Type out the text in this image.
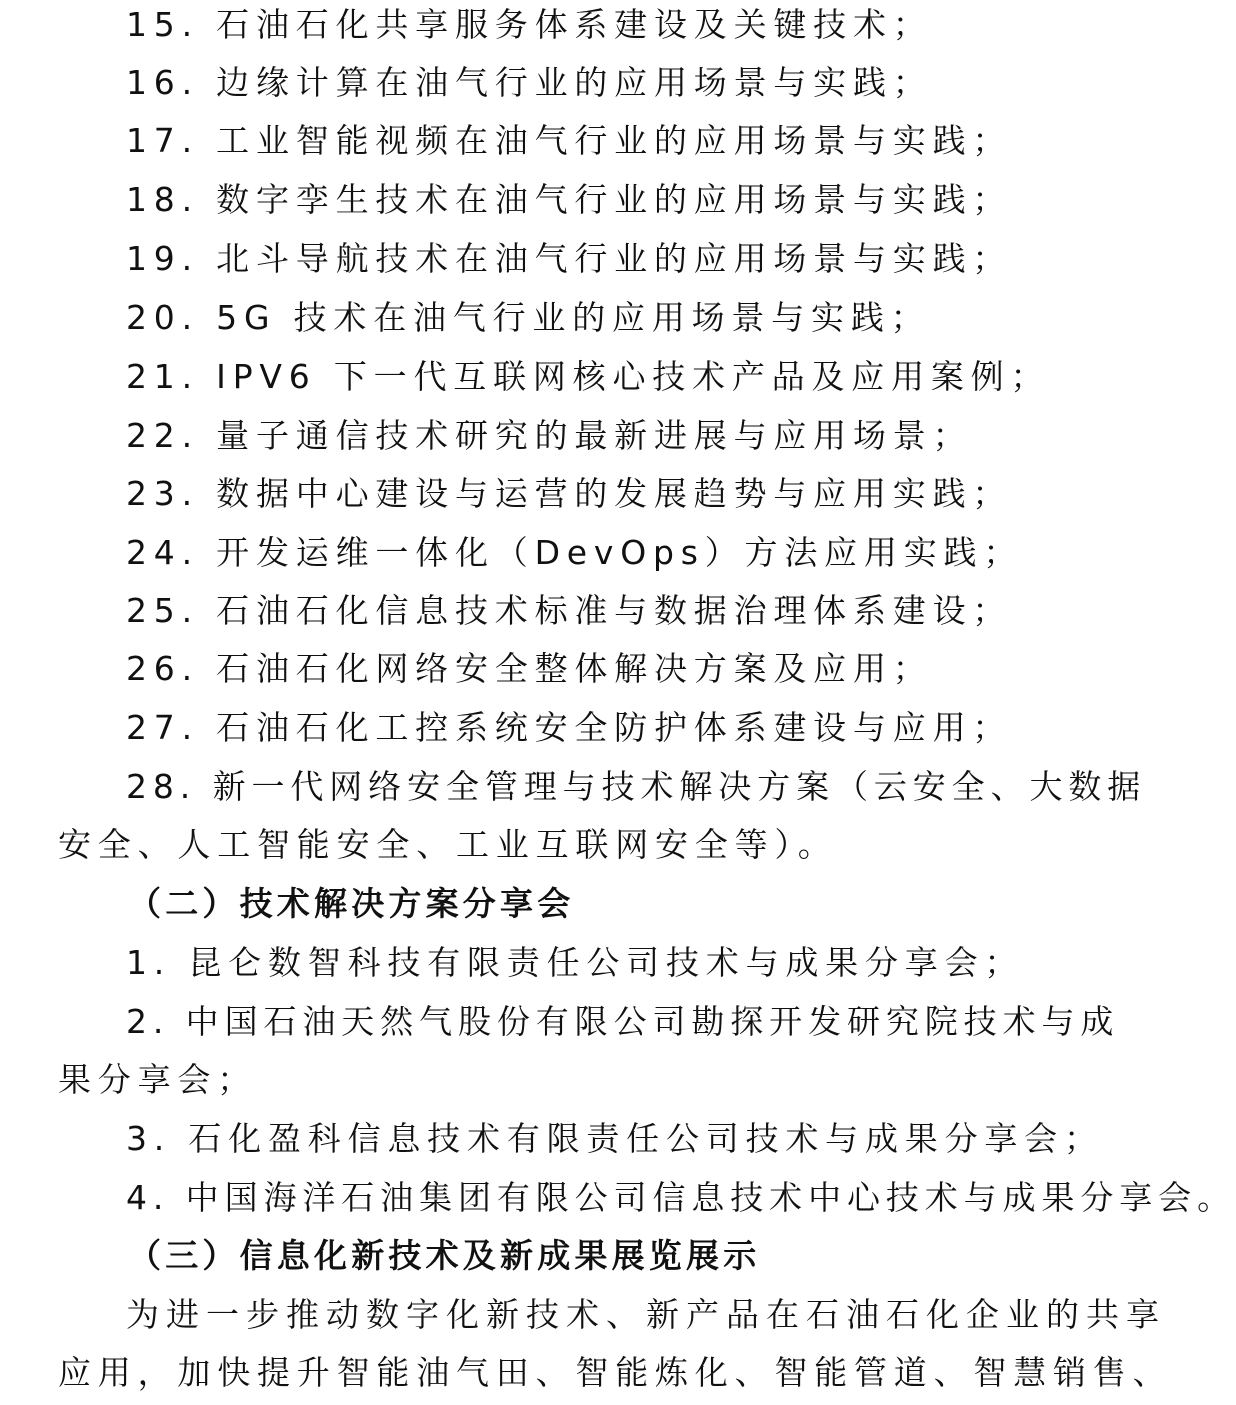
15. 石油石化共享服务体系建设及关键技术；
16. 边缘计算在油气行业的应用场景与实践；
17. 工业智能视频在油气行业的应用场景与实践；
18. 数字孪生技术在油气行业的应用场景与实践；
19. 北斗导航技术在油气行业的应用场景与实践；
20. 5G 技术在油气行业的应用场景与实践；
21. IPV6 下一代互联网核心技术产品及应用案例；
22. 量子通信技术研究的最新进展与应用场景；
23. 数据中心建设与运营的发展趋势与应用实践；
24. 开发运维一体化（DevOps）方法应用实践；
25. 石油石化信息技术标准与数据治理体系建设；
26. 石油石化网络安全整体解决方案及应用；
27. 石油石化工控系统安全防护体系建设与应用；
28. 新一代网络安全管理与技术解决方案（云安全、大数据
安全、人工智能安全、工业互联网安全等）。
（二）技术解决方案分享会
1. 昆仑数智科技有限责任公司技术与成果分享会；
2. 中国石油天然气股份有限公司勘探开发研究院技术与成
果分享会；
3. 石化盈科信息技术有限责任公司技术与成果分享会；
4. 中国海洋石油集团有限公司信息技术中心技术与成果分享会。
（三）信息化新技术及新成果展览展示
为进一步推动数字化新技术、新产品在石油石化企业的共享
应用，加快提升智能油气田、智能炼化、智能管道、智慧销售、
